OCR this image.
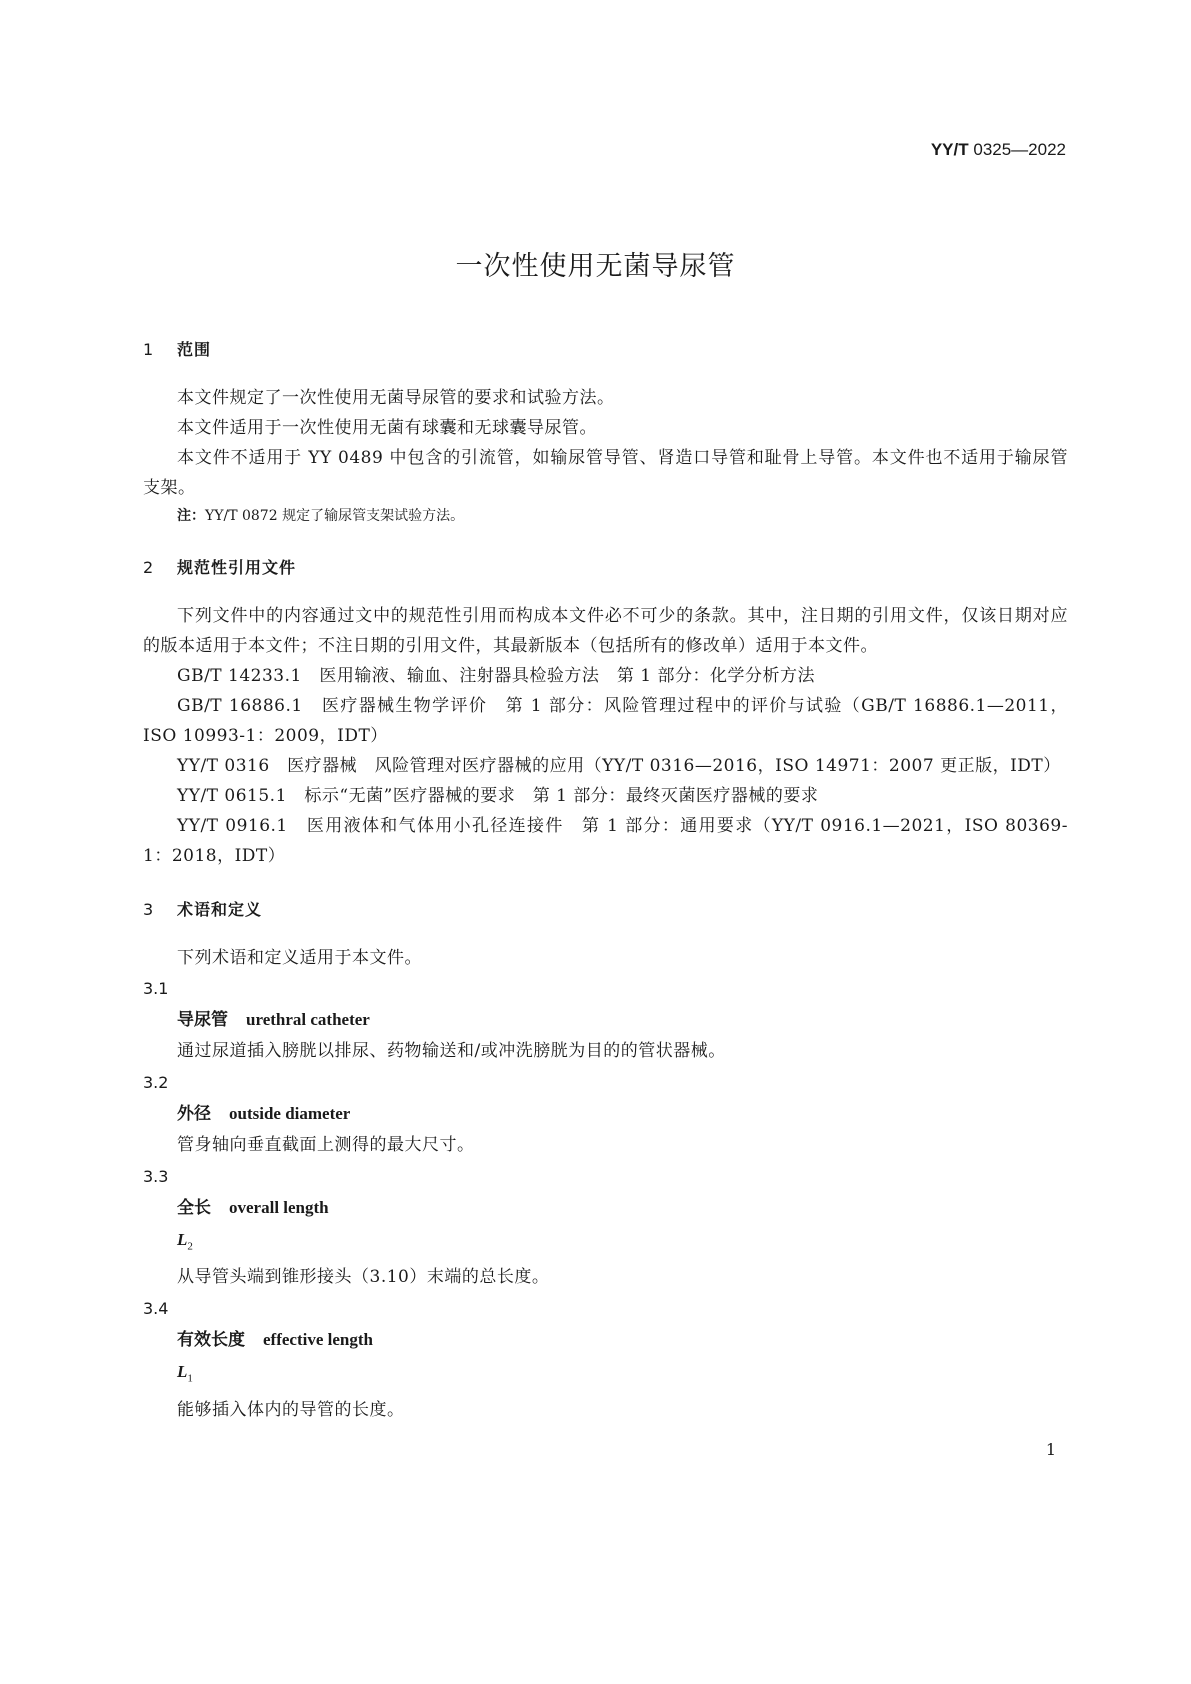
YY/T 0325—2022
一次性使用无菌导尿管
1 范围
本文件规定了一次性使用无菌导尿管的要求和试验方法。
本文件适用于一次性使用无菌有球囊和无球囊导尿管。
本文件不适用于 YY 0489 中包含的引流管，如输尿管导管、肾造口导管和耻骨上导管。本文件也不适用于输尿管支架。
注：YY/T 0872 规定了输尿管支架试验方法。
2 规范性引用文件
下列文件中的内容通过文中的规范性引用而构成本文件必不可少的条款。其中，注日期的引用文件，仅该日期对应的版本适用于本文件；不注日期的引用文件，其最新版本（包括所有的修改单）适用于本文件。
GB/T 14233.1　医用输液、输血、注射器具检验方法　第 1 部分：化学分析方法
GB/T 16886.1　医疗器械生物学评价　第 1 部分：风险管理过程中的评价与试验（GB/T 16886.1—2011，ISO 10993-1：2009，IDT）
YY/T 0316　医疗器械　风险管理对医疗器械的应用（YY/T 0316—2016，ISO 14971：2007 更正版，IDT）
YY/T 0615.1　标示“无菌”医疗器械的要求　第 1 部分：最终灭菌医疗器械的要求
YY/T 0916.1　医用液体和气体用小孔径连接件　第 1 部分：通用要求（YY/T 0916.1—2021，ISO 80369-1：2018，IDT）
3 术语和定义
下列术语和定义适用于本文件。
3.1
导尿管 urethral catheter
通过尿道插入膀胱以排尿、药物输送和/或冲洗膀胱为目的的管状器械。
3.2
外径 outside diameter
管身轴向垂直截面上测得的最大尺寸。
3.3
全长 overall length
$L_2$
从导管头端到锥形接头（3.10）末端的总长度。
3.4
有效长度 effective length
$L_1$
能够插入体内的导管的长度。
1
